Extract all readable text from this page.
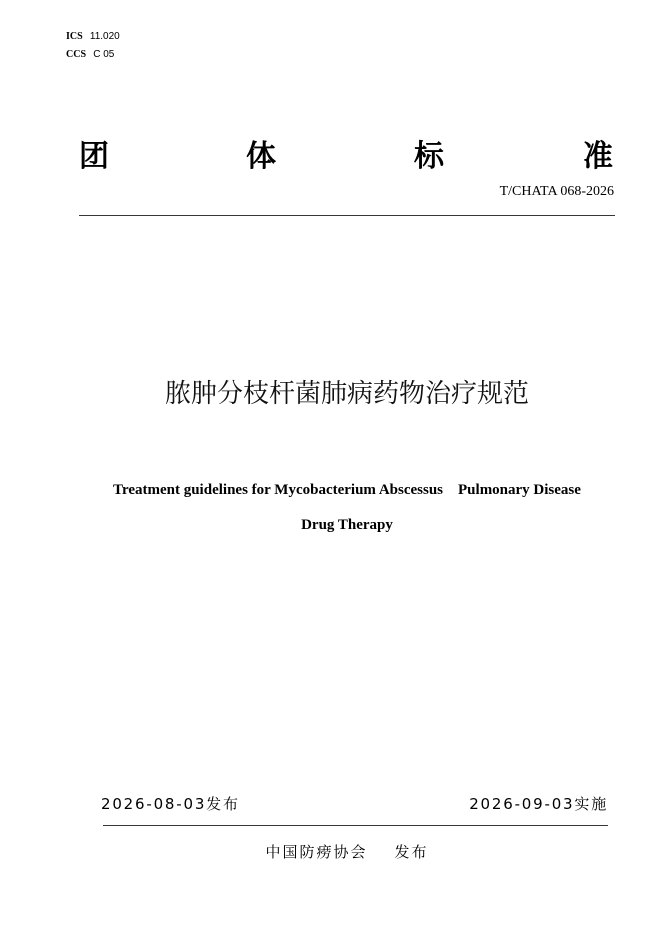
ICS 11.020
CCS C 05
团	体	标	准
T/CHATA 068-2026
脓肿分枝杆菌肺病药物治疗规范
Treatment guidelines for Mycobacterium Abscessus    Pulmonary Disease
Drug Therapy
2026-08-03发布	2026-09-03实施
中国防痨协会    发布
